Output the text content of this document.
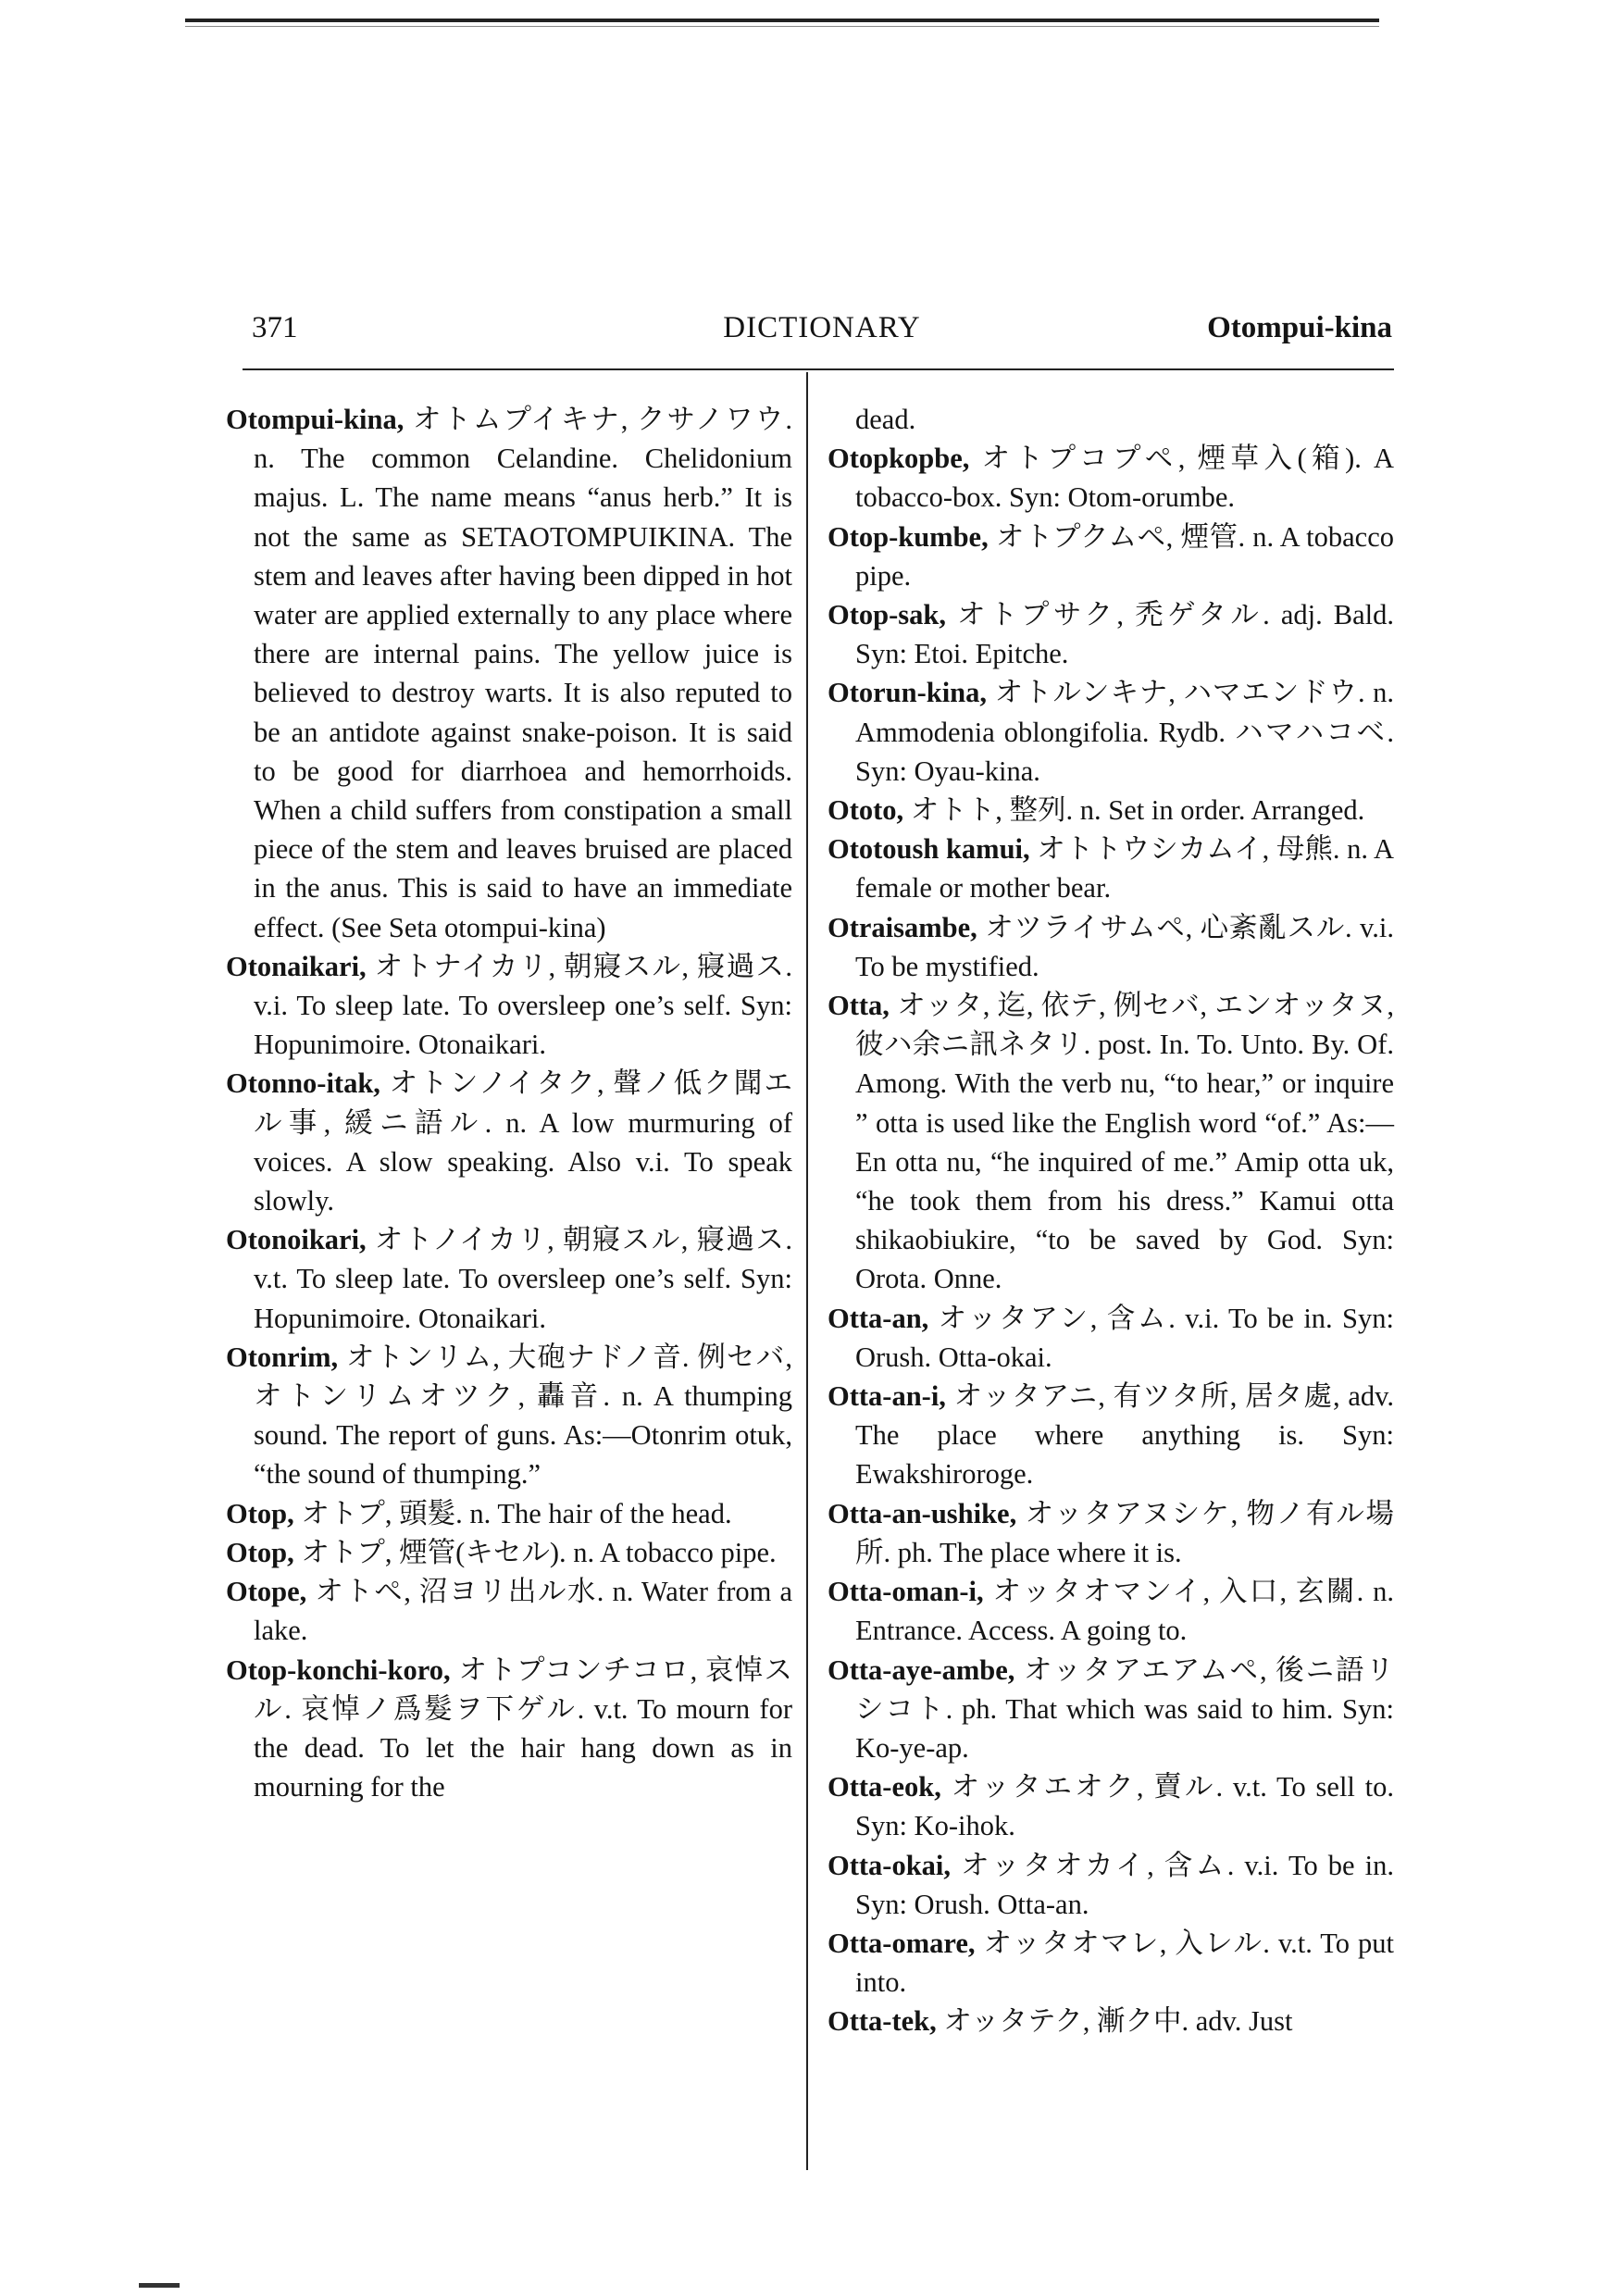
371	DICTIONARY	Otompui-kina

Otompui-kina, オトムプイキナ, クサノワウ. n. The common Celandine. Chelidonium majus. L. The name means “anus herb.” It is not the same as SETAOTOMPUIKINA. The stem and leaves after having been dipped in hot water are applied externally to any place where there are internal pains. The yellow juice is believed to destroy warts. It is also reputed to be an antidote against snake-poison. It is said to be good for diarrhoea and hemorrhoids. When a child suffers from constipation a small piece of the stem and leaves bruised are placed in the anus. This is said to have an immediate effect. (See Seta otompui-kina)

Otonaikari, オトナイカリ, 朝寢スル, 寢過ス. v.i. To sleep late. To oversleep one’s self. Syn: Hopunimoire. Otonaikari.

Otonno-itak, オトンノイタク, 聲ノ低ク聞エル事, 緩ニ語ル. n. A low murmuring of voices. A slow speaking. Also v.i. To speak slowly.

Otonoikari, オトノイカリ, 朝寢スル, 寢過ス. v.t. To sleep late. To oversleep one’s self. Syn: Hopunimoire. Otonaikari.

Otonrim, オトンリム, 大砲ナドノ音. 例セバ, オトンリムオツク, 轟音. n. A thumping sound. The report of guns. As:—Otonrim otuk, “the sound of thumping.”

Otop, オトプ, 頭髮. n. The hair of the head.

Otop, オトプ, 煙管(キセル). n. A tobacco pipe.

Otope, オトペ, 沼ヨリ出ル水. n. Water from a lake.

Otop-konchi-koro, オトプコンチコロ, 哀悼スル. 哀悼ノ爲髮ヲ下ゲル. v.t. To mourn for the dead. To let the hair hang down as in mourning for the

dead.

Otopkopbe, オトプコプペ, 煙草入(箱). A tobacco-box. Syn: Otom-orumbe.

Otop-kumbe, オトプクムペ, 煙管. n. A tobacco pipe.

Otop-sak, オトプサク, 禿ゲタル. adj. Bald. Syn: Etoi. Epitche.

Otorun-kina, オトルンキナ, ハマエンドウ. n. Ammodenia oblongifolia. Rydb. ハマハコベ. Syn: Oyau-kina.

Ototo, オトト, 整列. n. Set in order. Arranged.

Ototoush kamui, オトトウシカムイ, 母熊. n. A female or mother bear.

Otraisambe, オツライサムペ, 心紊亂スル. v.i. To be mystified.

Otta, オッタ, 迄, 依テ, 例セバ, エンオッタヌ, 彼ハ余ニ訊ネタリ. post. In. To. Unto. By. Of. Among. With the verb nu, “to hear,” or inquire ” otta is used like the English word “of.” As:—En otta nu, “he inquired of me.” Amip otta uk, “he took them from his dress.” Kamui otta shikaobiukire, “to be saved by God. Syn: Orota. Onne.

Otta-an, オッタアン, 含ム. v.i. To be in. Syn: Orush. Otta-okai.

Otta-an-i, オッタアニ, 有ツタ所, 居タ處, adv. The place where anything is. Syn: Ewakshiroroge.

Otta-an-ushike, オッタアヌシケ, 物ノ有ル場所. ph. The place where it is.

Otta-oman-i, オッタオマンイ, 入口, 玄關. n. Entrance. Access. A going to.

Otta-aye-ambe, オッタアエアムペ, 後ニ語リシコト. ph. That which was said to him. Syn: Ko-ye-ap.

Otta-eok, オッタエオク, 賣ル. v.t. To sell to. Syn: Ko-ihok.

Otta-okai, オッタオカイ, 含ム. v.i. To be in. Syn: Orush. Otta-an.

Otta-omare, オッタオマレ, 入レル. v.t. To put into.

Otta-tek, オッタテク, 漸ク中. adv. Just
